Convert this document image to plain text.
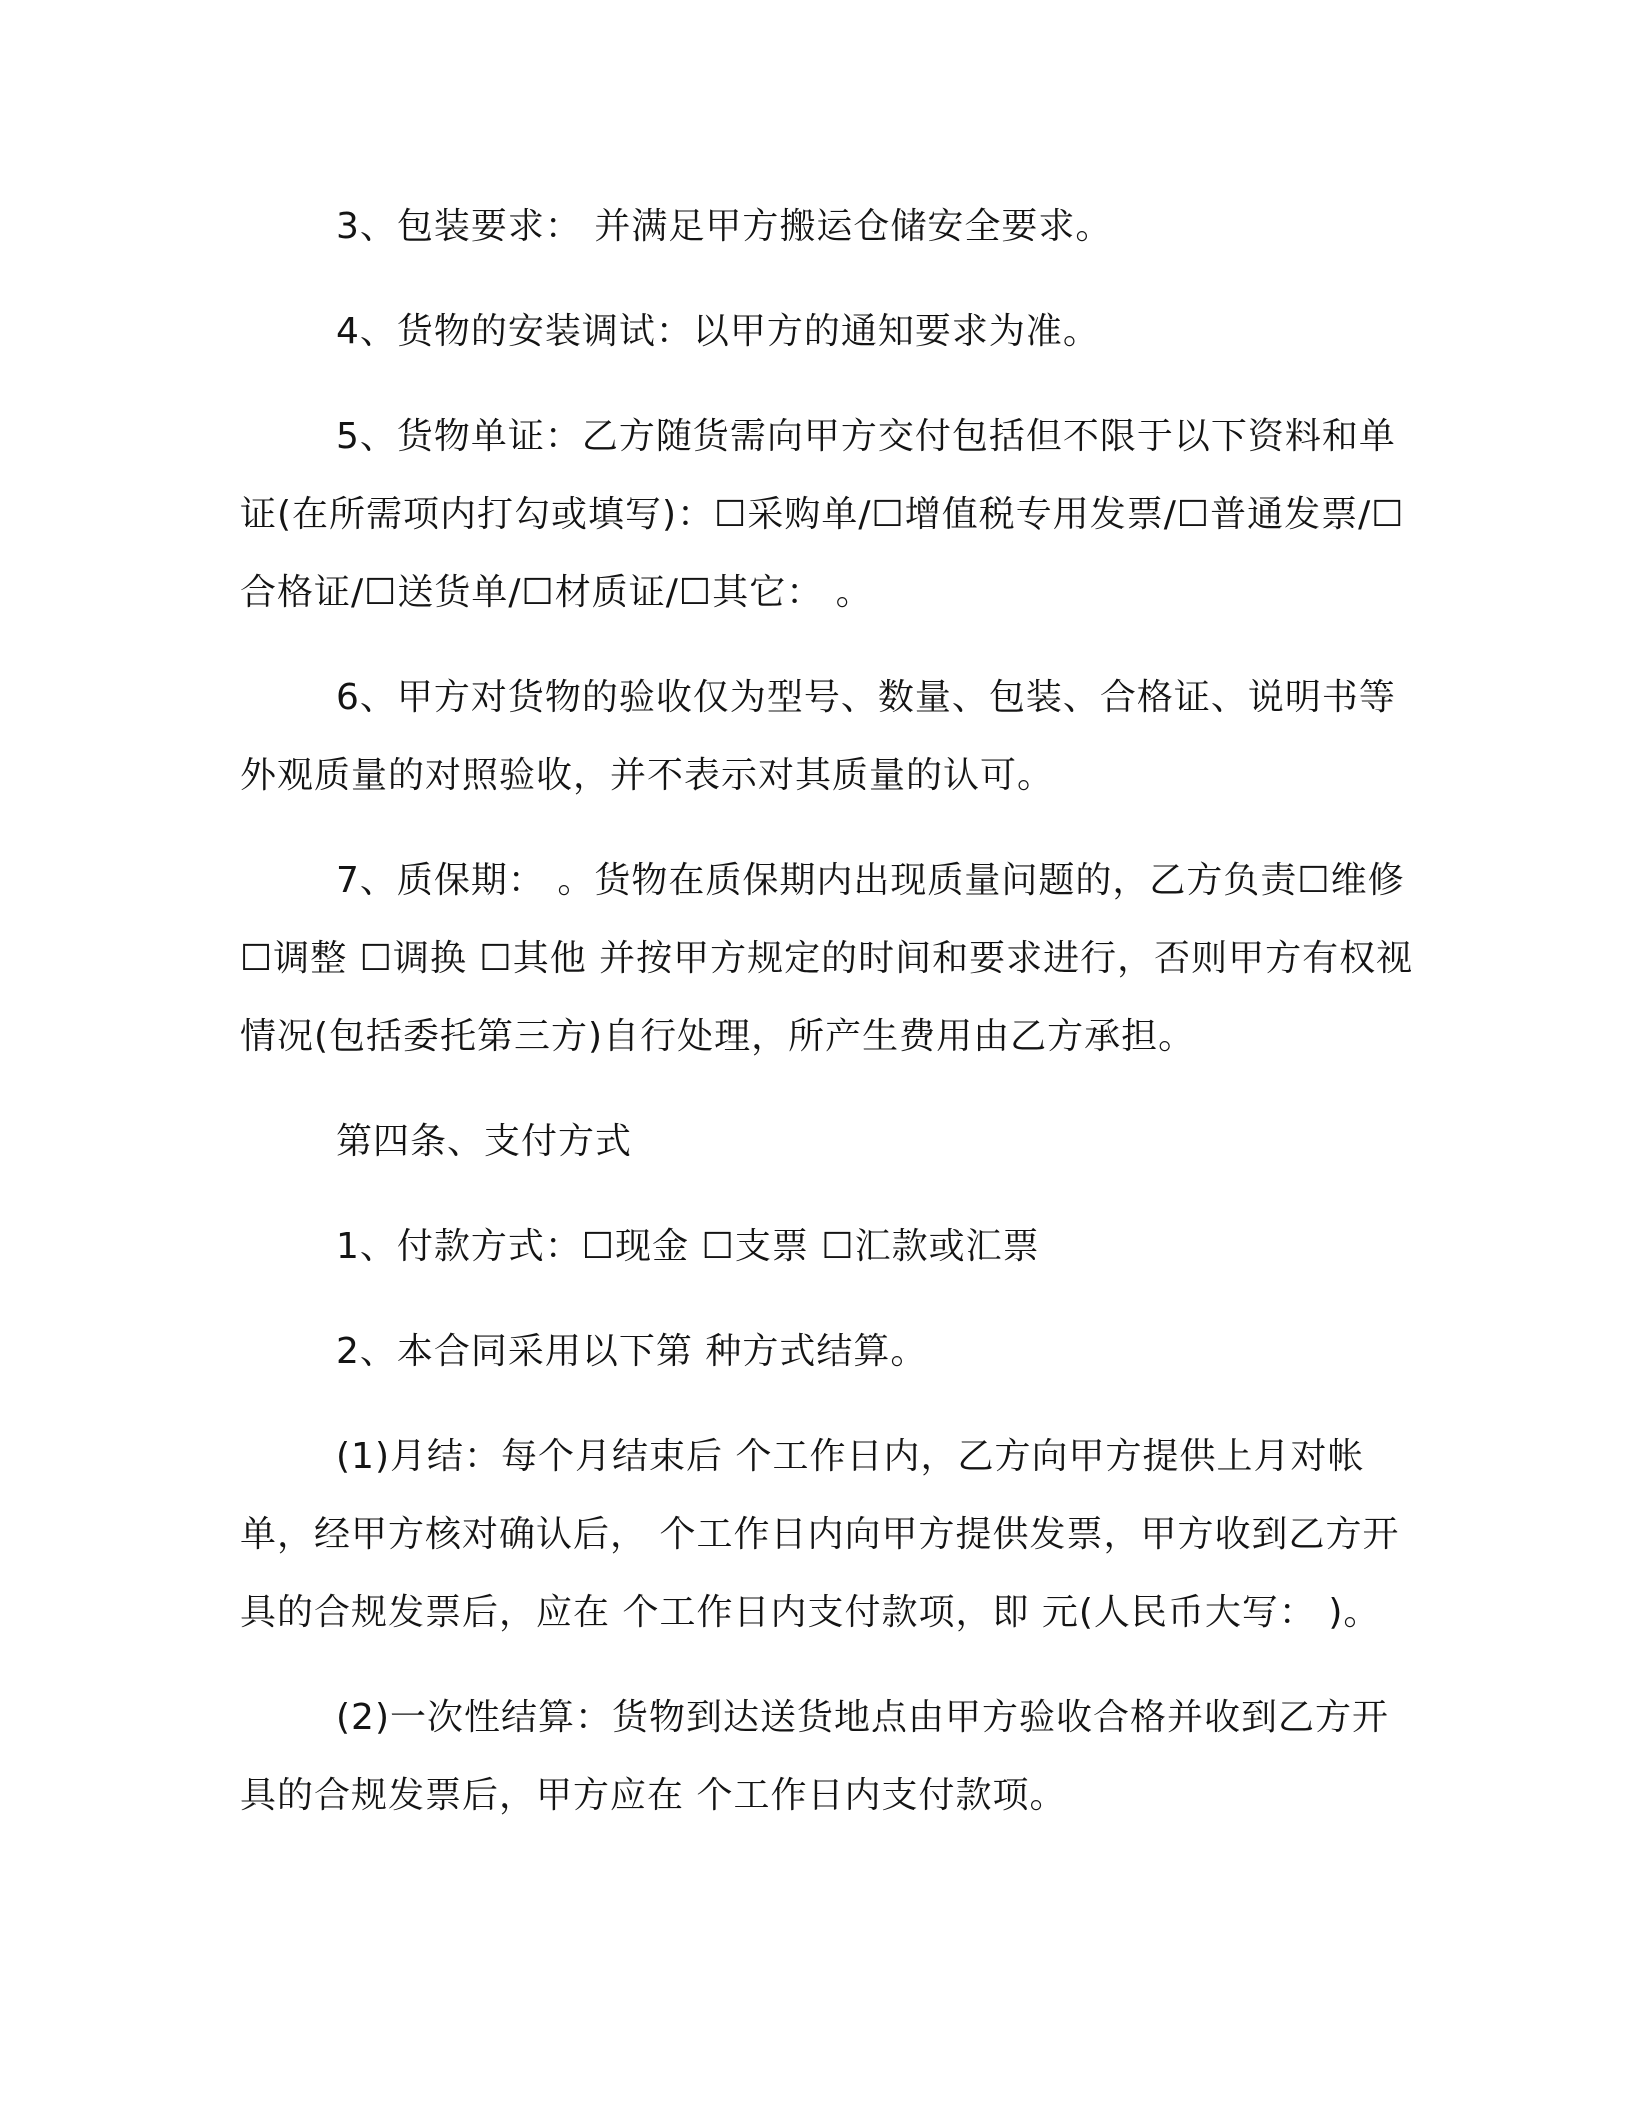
3、包装要求： 并满足甲方搬运仓储安全要求。

4、货物的安装调试：以甲方的通知要求为准。

5、货物单证：乙方随货需向甲方交付包括但不限于以下资料和单证(在所需项内打勾或填写)：☐采购单/☐增值税专用发票/☐普通发票/☐合格证/☐送货单/☐材质证/☐其它： 。

6、甲方对货物的验收仅为型号、数量、包装、合格证、说明书等外观质量的对照验收，并不表示对其质量的认可。

7、质保期： 。货物在质保期内出现质量问题的，乙方负责☐维修 ☐调整 ☐调换 ☐其他 并按甲方规定的时间和要求进行，否则甲方有权视情况(包括委托第三方)自行处理，所产生费用由乙方承担。

第四条、支付方式

1、付款方式：☐现金 ☐支票 ☐汇款或汇票

2、本合同采用以下第 种方式结算。

(1)月结：每个月结束后 个工作日内，乙方向甲方提供上月对帐单，经甲方核对确认后， 个工作日内向甲方提供发票，甲方收到乙方开具的合规发票后，应在 个工作日内支付款项，即 元(人民币大写： )。

(2)一次性结算：货物到达送货地点由甲方验收合格并收到乙方开具的合规发票后，甲方应在 个工作日内支付款项。
